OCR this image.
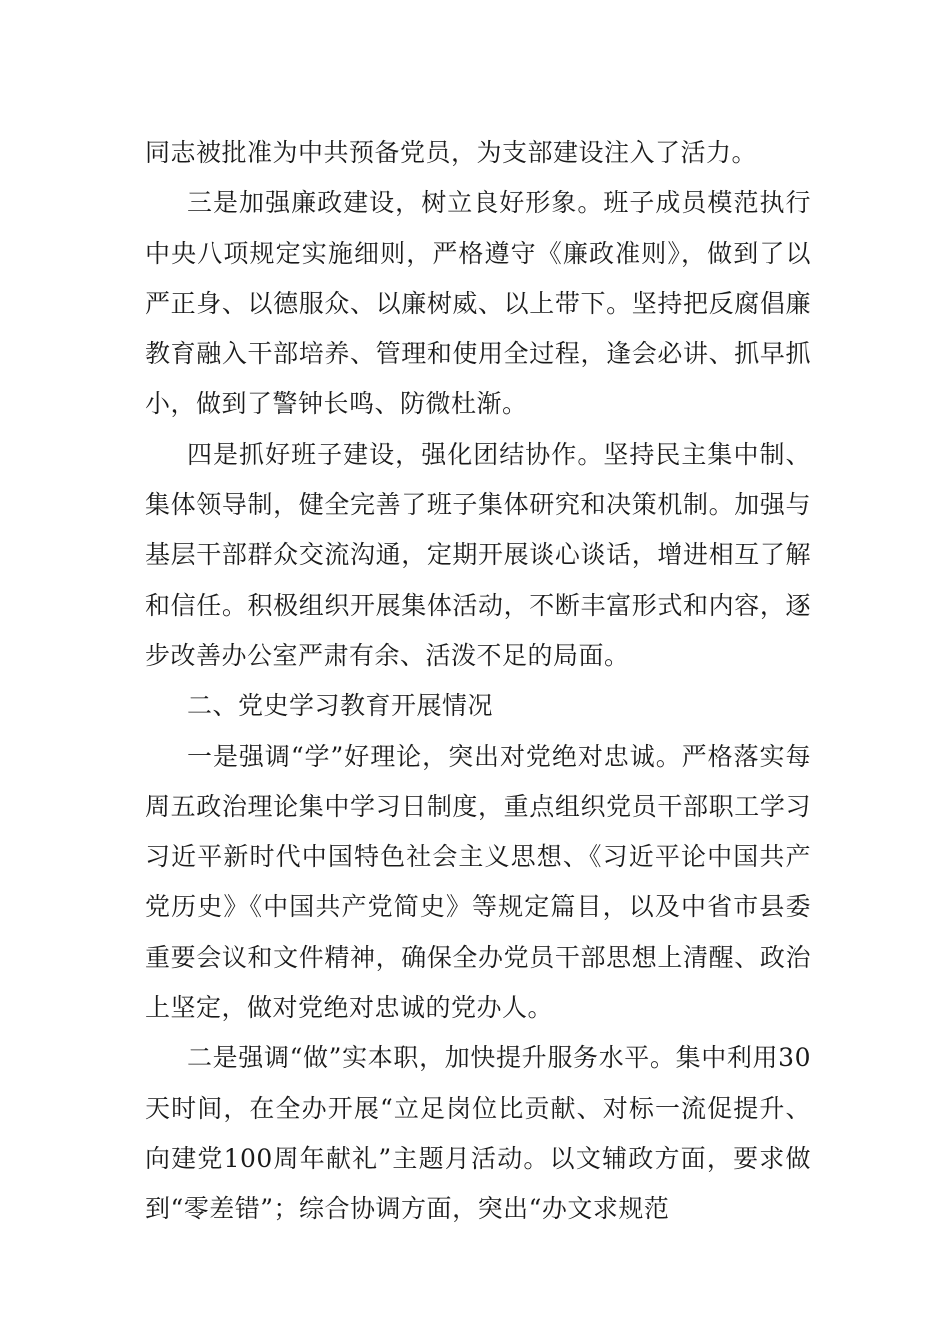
同志被批准为中共预备党员，为支部建设注入了活力。

三是加强廉政建设，树立良好形象。班子成员模范执行中央八项规定实施细则，严格遵守《廉政准则》，做到了以严正身、以德服众、以廉树威、以上带下。坚持把反腐倡廉教育融入干部培养、管理和使用全过程，逢会必讲、抓早抓小，做到了警钟长鸣、防微杜渐。

四是抓好班子建设，强化团结协作。坚持民主集中制、集体领导制，健全完善了班子集体研究和决策机制。加强与基层干部群众交流沟通，定期开展谈心谈话，增进相互了解和信任。积极组织开展集体活动，不断丰富形式和内容，逐步改善办公室严肃有余、活泼不足的局面。

二、党史学习教育开展情况

一是强调“学”好理论，突出对党绝对忠诚。严格落实每周五政治理论集中学习日制度，重点组织党员干部职工学习习近平新时代中国特色社会主义思想、《习近平论中国共产党历史》《中国共产党简史》等规定篇目，以及中省市县委重要会议和文件精神，确保全办党员干部思想上清醒、政治上坚定，做对党绝对忠诚的党办人。

二是强调“做”实本职，加快提升服务水平。集中利用30天时间，在全办开展“立足岗位比贡献、对标一流促提升、向建党100周年献礼”主题月活动。以文辅政方面，要求做到“零差错”；综合协调方面，突出“办文求规范
